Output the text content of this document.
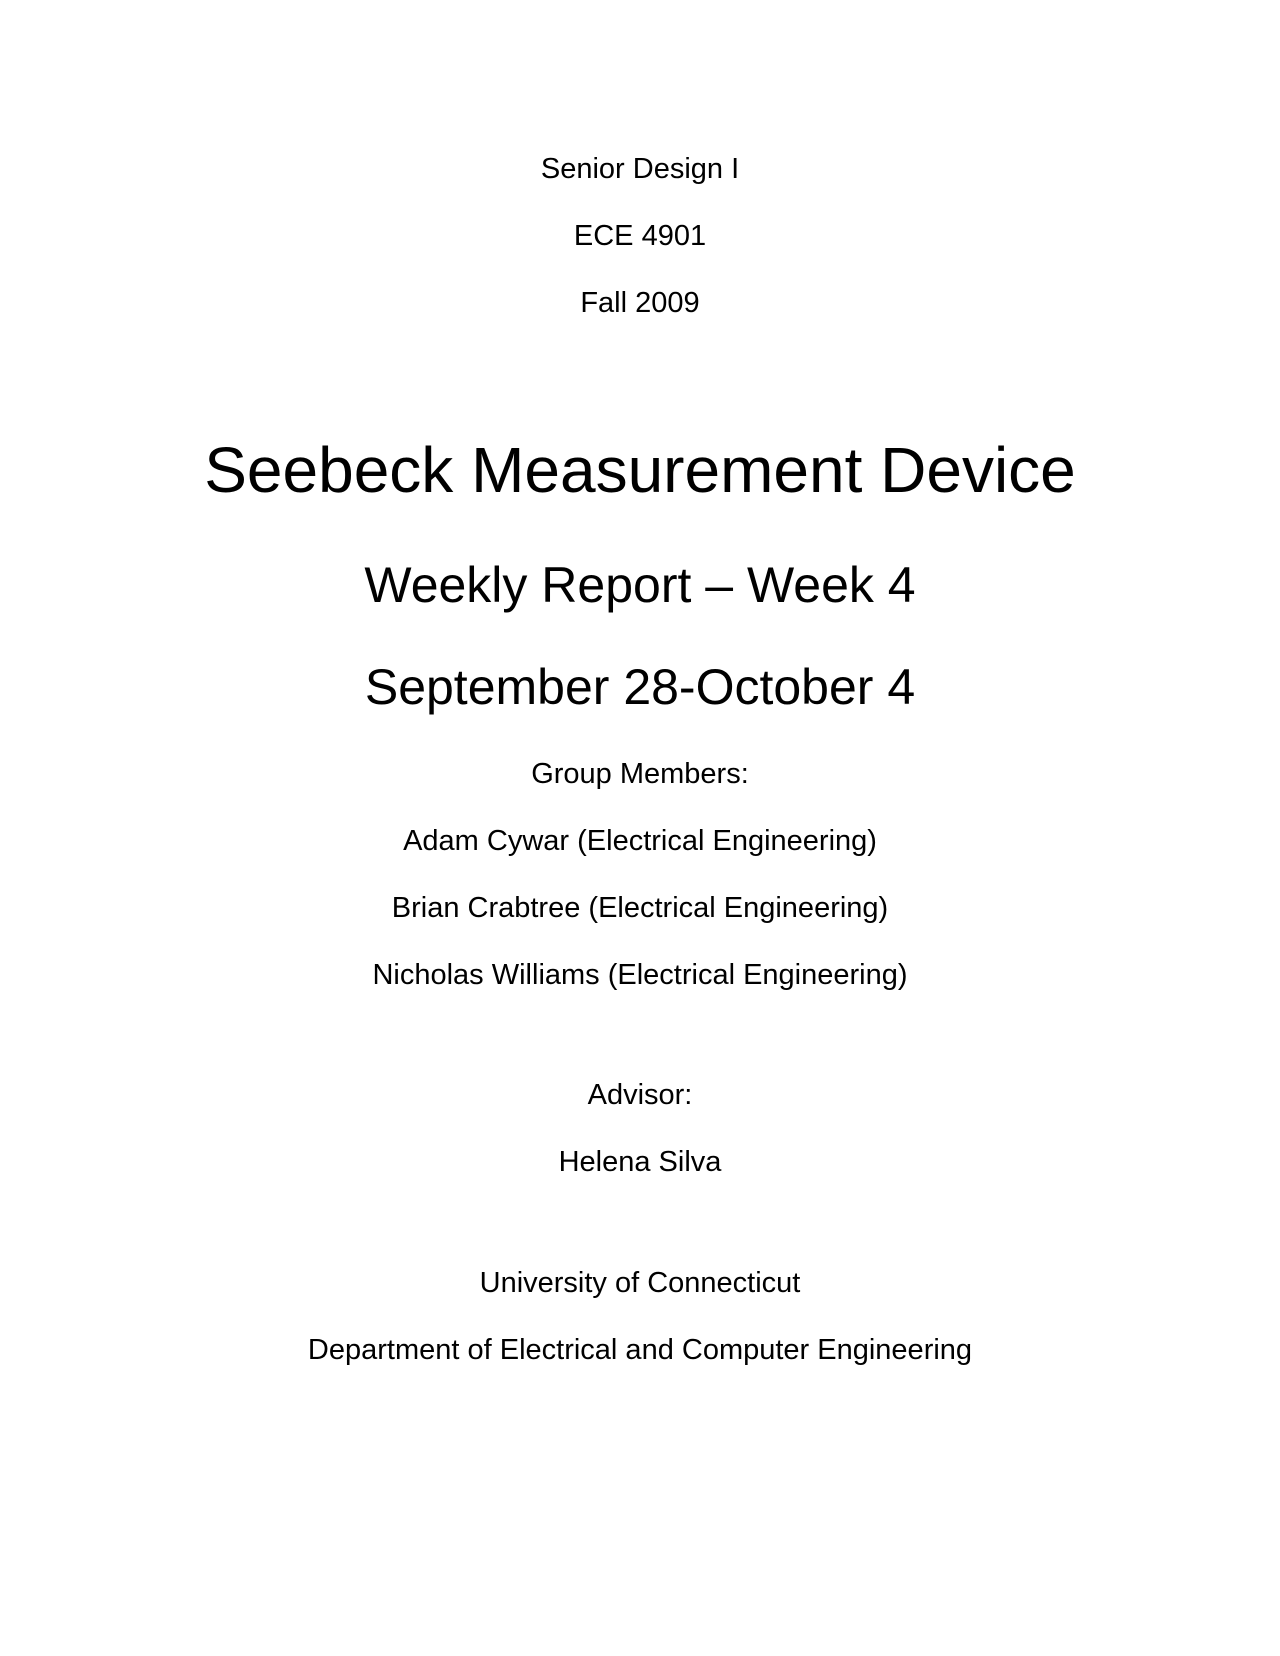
Senior Design I
ECE 4901
Fall 2009
Seebeck Measurement Device
Weekly Report – Week 4
September 28-October 4
Group Members:
Adam Cywar (Electrical Engineering)
Brian Crabtree (Electrical Engineering)
Nicholas Williams (Electrical Engineering)
Advisor:
Helena Silva
University of Connecticut
Department of Electrical and Computer Engineering
